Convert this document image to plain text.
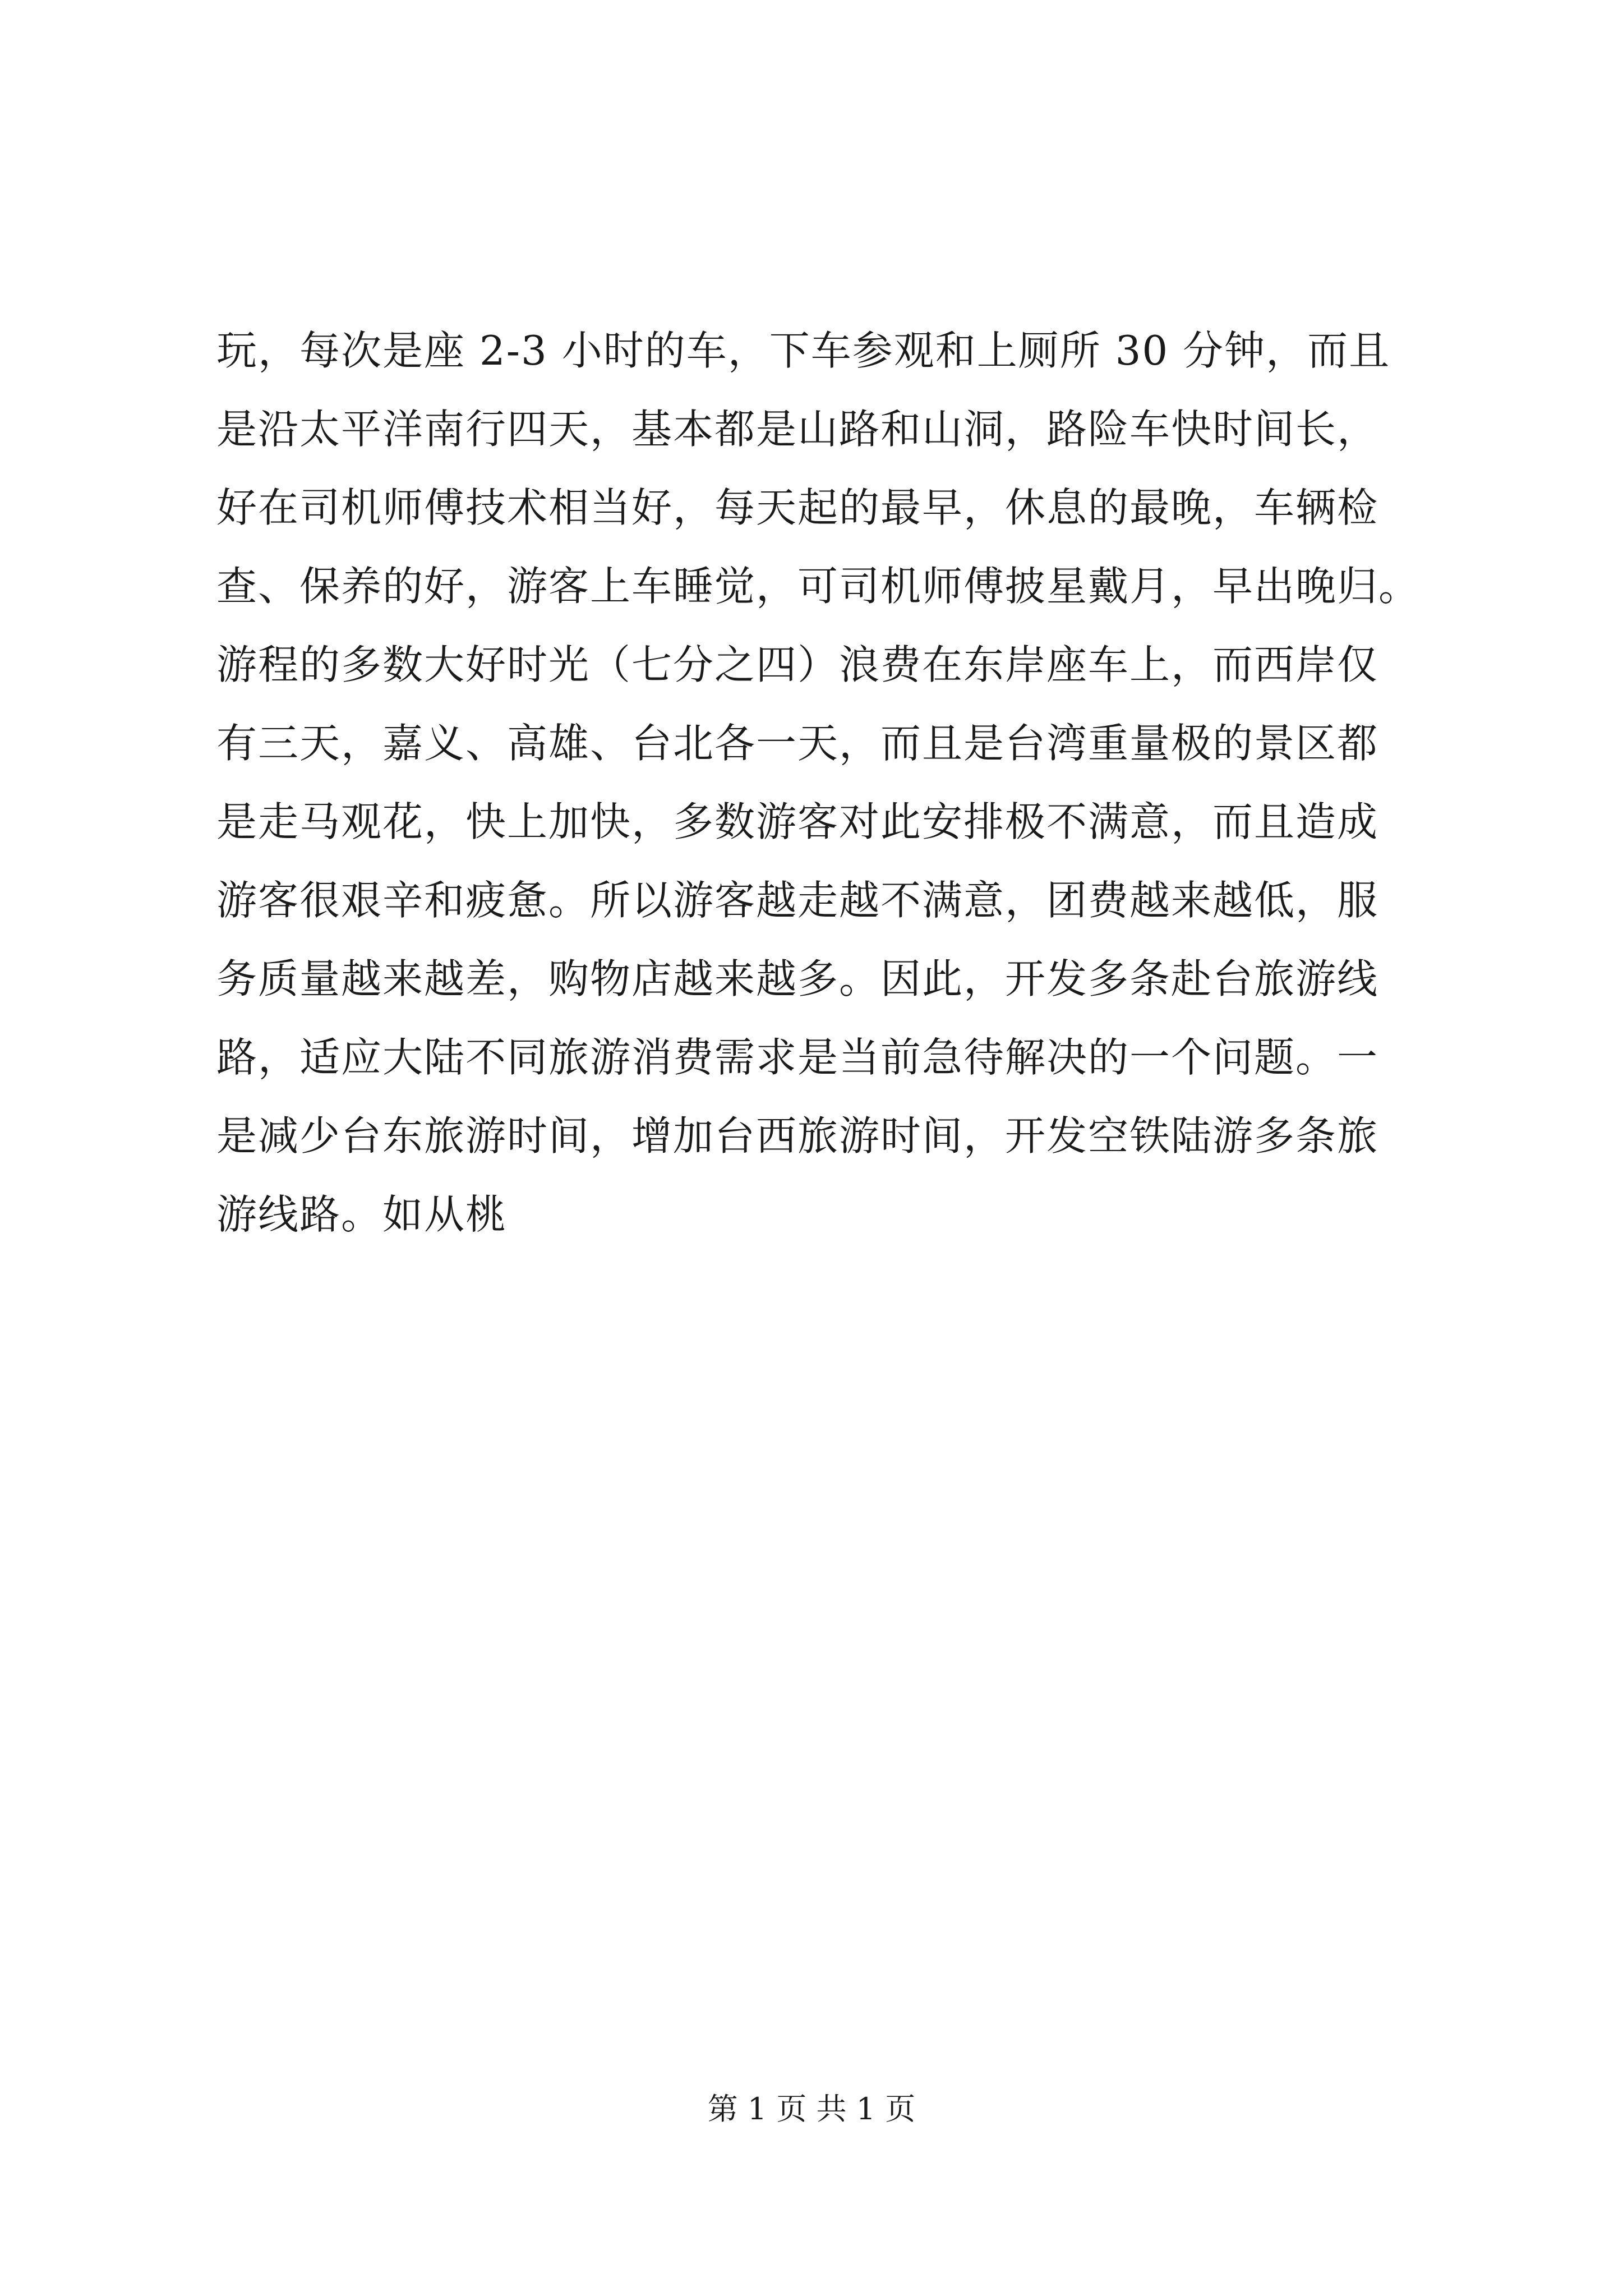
玩，每次是座 2-3 小时的车，下车参观和上厕所 30 分钟，而且
是沿太平洋南行四天，基本都是山路和山洞，路险车快时间长，
好在司机师傅技术相当好，每天起的最早，休息的最晚，车辆检
查、保养的好，游客上车睡觉，可司机师傅披星戴月，早出晚归。
游程的多数大好时光（七分之四）浪费在东岸座车上，而西岸仅
有三天，嘉义、高雄、台北各一天，而且是台湾重量极的景区都
是走马观花，快上加快，多数游客对此安排极不满意，而且造成
游客很艰辛和疲惫。所以游客越走越不满意，团费越来越低，服
务质量越来越差，购物店越来越多。因此，开发多条赴台旅游线
路，适应大陆不同旅游消费需求是当前急待解决的一个问题。一
是减少台东旅游时间，增加台西旅游时间，开发空铁陆游多条旅
游线路。如从桃
第 1 页 共 1 页
